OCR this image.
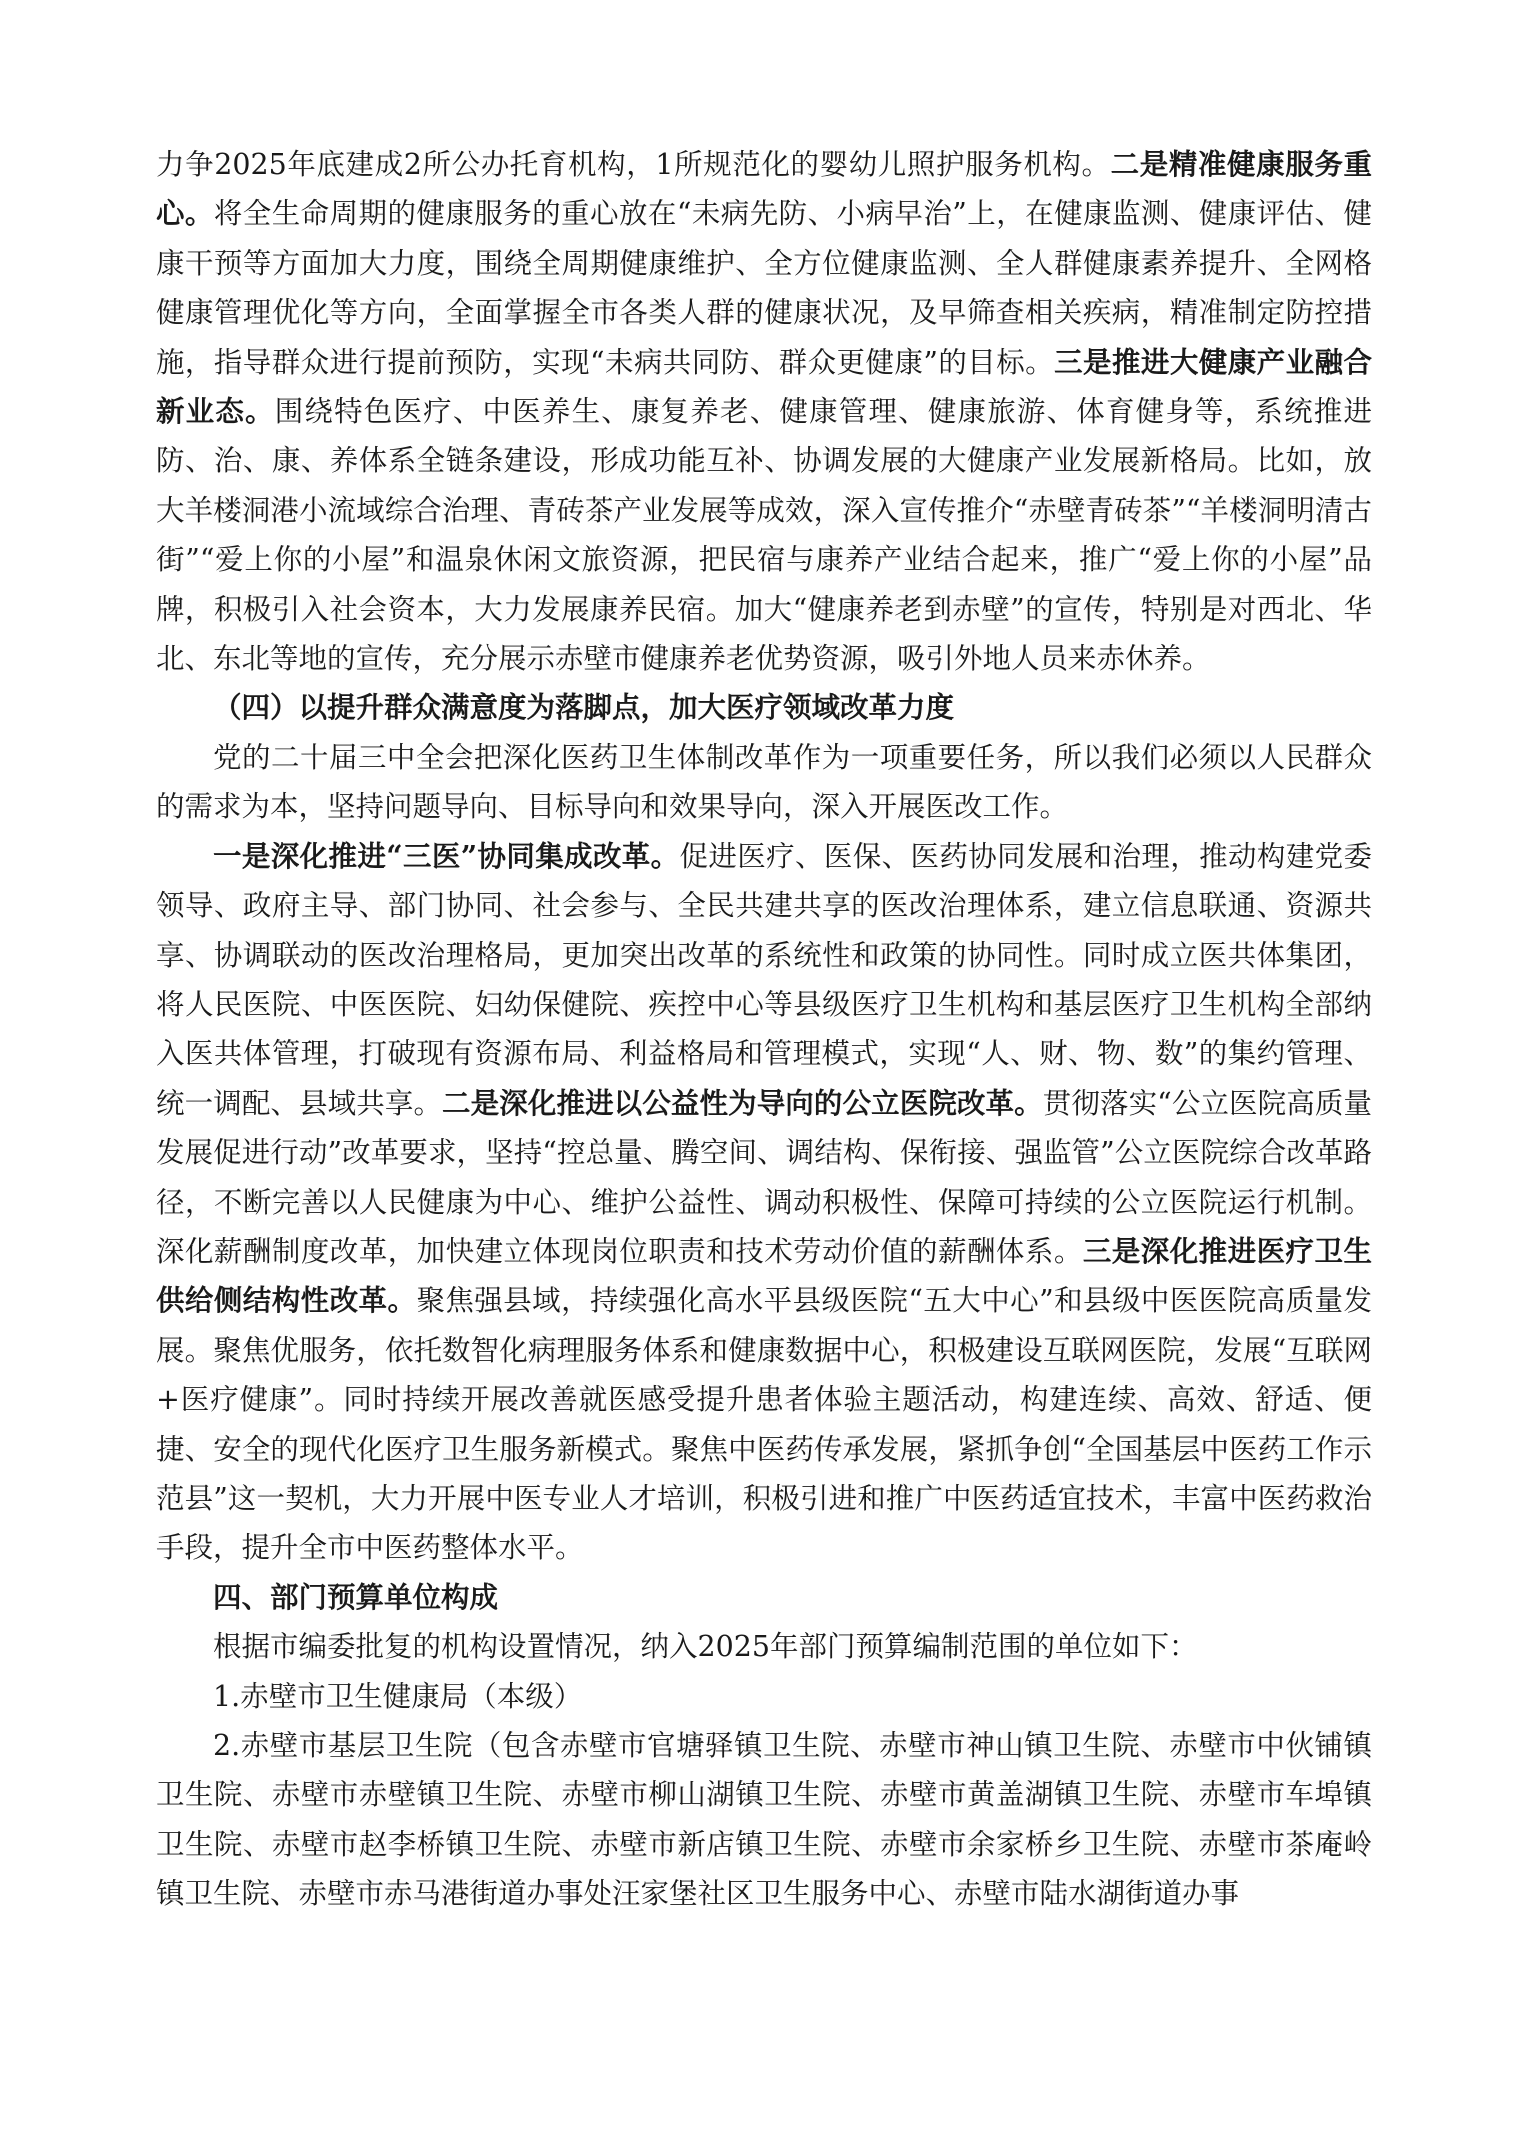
力争2025年底建成2所公办托育机构，1所规范化的婴幼儿照护服务机构。二是精准健康服务重心。将全生命周期的健康服务的重心放在“未病先防、小病早治”上，在健康监测、健康评估、健康干预等方面加大力度，围绕全周期健康维护、全方位健康监测、全人群健康素养提升、全网格健康管理优化等方向，全面掌握全市各类人群的健康状况，及早筛查相关疾病，精准制定防控措施，指导群众进行提前预防，实现“未病共同防、群众更健康”的目标。三是推进大健康产业融合新业态。围绕特色医疗、中医养生、康复养老、健康管理、健康旅游、体育健身等，系统推进防、治、康、养体系全链条建设，形成功能互补、协调发展的大健康产业发展新格局。比如，放大羊楼洞港小流域综合治理、青砖茶产业发展等成效，深入宣传推介“赤壁青砖茶”“羊楼洞明清古街”“爱上你的小屋”和温泉休闲文旅资源，把民宿与康养产业结合起来，推广“爱上你的小屋”品牌，积极引入社会资本，大力发展康养民宿。加大“健康养老到赤壁”的宣传，特别是对西北、华北、东北等地的宣传，充分展示赤壁市健康养老优势资源，吸引外地人员来赤休养。

（四）以提升群众满意度为落脚点，加大医疗领域改革力度

党的二十届三中全会把深化医药卫生体制改革作为一项重要任务，所以我们必须以人民群众的需求为本，坚持问题导向、目标导向和效果导向，深入开展医改工作。

一是深化推进“三医”协同集成改革。促进医疗、医保、医药协同发展和治理，推动构建党委领导、政府主导、部门协同、社会参与、全民共建共享的医改治理体系，建立信息联通、资源共享、协调联动的医改治理格局，更加突出改革的系统性和政策的协同性。同时成立医共体集团，将人民医院、中医医院、妇幼保健院、疾控中心等县级医疗卫生机构和基层医疗卫生机构全部纳入医共体管理，打破现有资源布局、利益格局和管理模式，实现“人、财、物、数”的集约管理、统一调配、县域共享。二是深化推进以公益性为导向的公立医院改革。贯彻落实“公立医院高质量发展促进行动”改革要求，坚持“控总量、腾空间、调结构、保衔接、强监管”公立医院综合改革路径，不断完善以人民健康为中心、维护公益性、调动积极性、保障可持续的公立医院运行机制。深化薪酬制度改革，加快建立体现岗位职责和技术劳动价值的薪酬体系。三是深化推进医疗卫生供给侧结构性改革。聚焦强县域，持续强化高水平县级医院“五大中心”和县级中医医院高质量发展。聚焦优服务，依托数智化病理服务体系和健康数据中心，积极建设互联网医院，发展“互联网+医疗健康”。同时持续开展改善就医感受提升患者体验主题活动，构建连续、高效、舒适、便捷、安全的现代化医疗卫生服务新模式。聚焦中医药传承发展，紧抓争创“全国基层中医药工作示范县”这一契机，大力开展中医专业人才培训，积极引进和推广中医药适宜技术，丰富中医药救治手段，提升全市中医药整体水平。

四、部门预算单位构成

根据市编委批复的机构设置情况，纳入2025年部门预算编制范围的单位如下：

1.赤壁市卫生健康局（本级）

2.赤壁市基层卫生院（包含赤壁市官塘驿镇卫生院、赤壁市神山镇卫生院、赤壁市中伙铺镇卫生院、赤壁市赤壁镇卫生院、赤壁市柳山湖镇卫生院、赤壁市黄盖湖镇卫生院、赤壁市车埠镇卫生院、赤壁市赵李桥镇卫生院、赤壁市新店镇卫生院、赤壁市余家桥乡卫生院、赤壁市茶庵岭镇卫生院、赤壁市赤马港街道办事处汪家堡社区卫生服务中心、赤壁市陆水湖街道办事
